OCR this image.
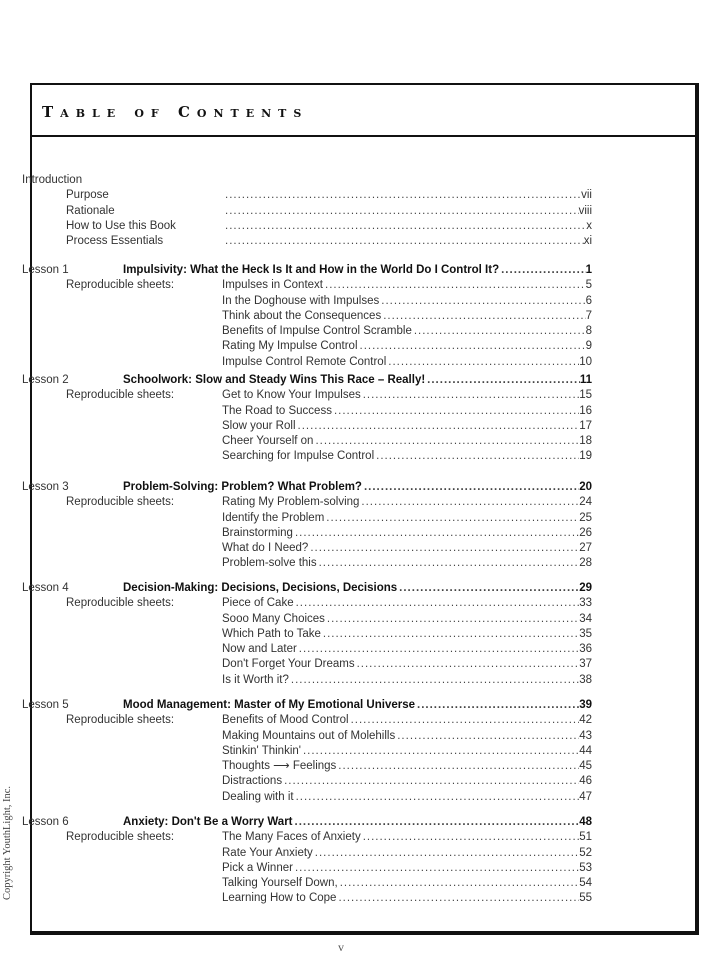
Table of Contents
Introduction
Purpose .....	vii
Rationale .....	viii
How to Use this Book .....	x
Process Essentials .....	xi
Lesson 1	Impulsivity: What the Heck Is It and How in the World Do I Control It? .....	1
Reproducible sheets:	Impulses in Context .....	5
In the Doghouse with Impulses .....	6
Think about the Consequences .....	7
Benefits of Impulse Control Scramble .....	8
Rating My Impulse Control .....	9
Impulse Control Remote Control .....	10
Lesson 2	Schoolwork: Slow and Steady Wins This Race – Really! .....	11
Reproducible sheets:	Get to Know Your Impulses .....	15
The Road to Success .....	16
Slow your Roll .....	17
Cheer Yourself on .....	18
Searching for Impulse Control .....	19
Lesson 3	Problem-Solving: Problem? What Problem? .....	20
Reproducible sheets:	Rating My Problem-solving .....	24
Identify the Problem .....	25
Brainstorming .....	26
What do I Need? .....	27
Problem-solve this .....	28
Lesson 4	Decision-Making: Decisions, Decisions, Decisions .....	29
Reproducible sheets:	Piece of Cake .....	33
Sooo Many Choices .....	34
Which Path to Take .....	35
Now and Later .....	36
Don't Forget Your Dreams .....	37
Is it Worth it? .....	38
Lesson 5	Mood Management: Master of My Emotional Universe .....	39
Reproducible sheets:	Benefits of Mood Control .....	42
Making Mountains out of Molehills .....	43
Stinkin' Thinkin' .....	44
Thoughts ⟶ Feelings .....	45
Distractions .....	46
Dealing with it .....	47
Lesson 6	Anxiety: Don't Be a Worry Wart .....	48
Reproducible sheets:	The Many Faces of Anxiety .....	51
Rate Your Anxiety .....	52
Pick a Winner .....	53
Talking Yourself Down, .....	54
Learning How to Cope .....	55
Copyright YouthLight, Inc.
v
